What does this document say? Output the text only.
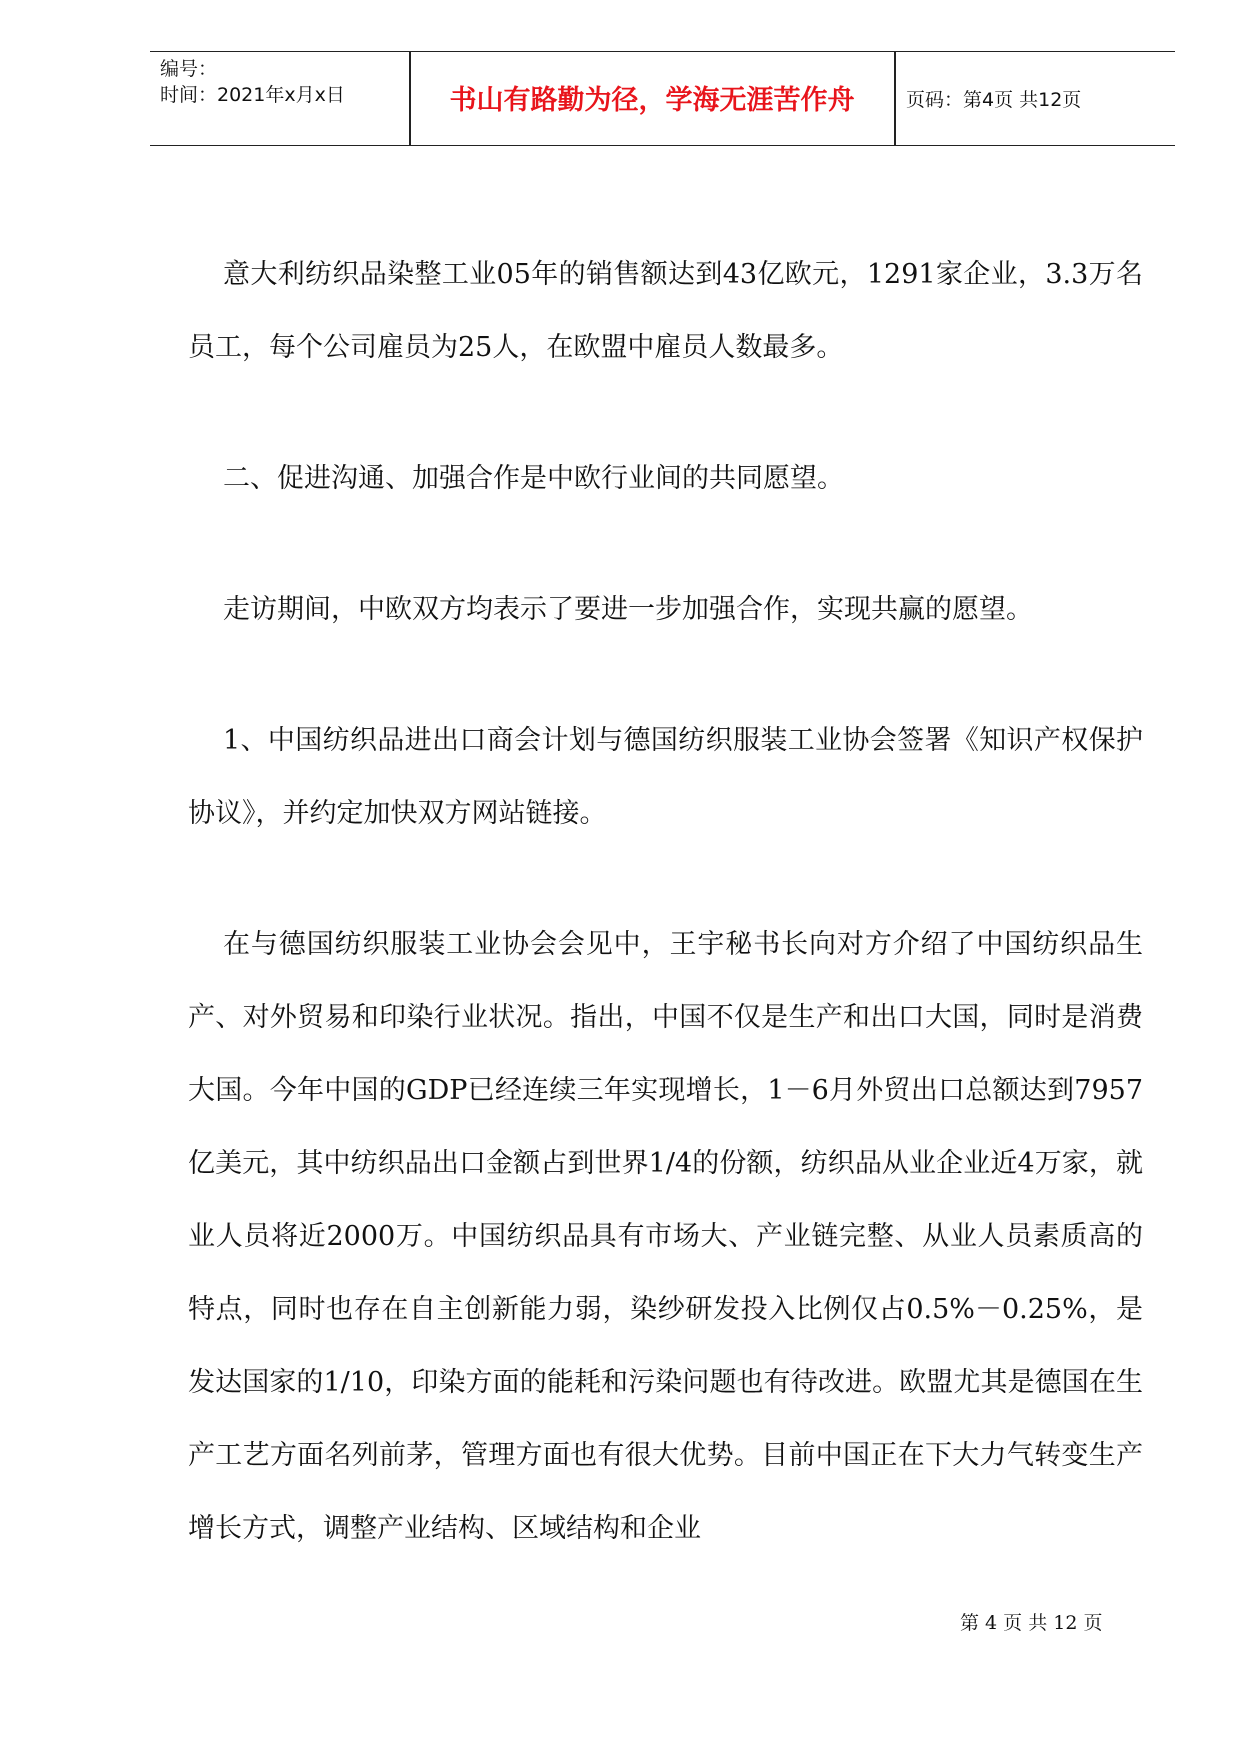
编号：
时间：2021年x月x日	书山有路勤为径，学海无涯苦作舟	页码：第4页 共12页

意大利纺织品染整工业05年的销售额达到43亿欧元，1291家企业，3.3万名员工，每个公司雇员为25人，在欧盟中雇员人数最多。

二、促进沟通、加强合作是中欧行业间的共同愿望。

走访期间，中欧双方均表示了要进一步加强合作，实现共赢的愿望。

1、中国纺织品进出口商会计划与德国纺织服装工业协会签署《知识产权保护协议》，并约定加快双方网站链接。

在与德国纺织服装工业协会会见中，王宇秘书长向对方介绍了中国纺织品生产、对外贸易和印染行业状况。指出，中国不仅是生产和出口大国，同时是消费大国。今年中国的GDP已经连续三年实现增长，1－6月外贸出口总额达到7957亿美元，其中纺织品出口金额占到世界1/4的份额，纺织品从业企业近4万家，就业人员将近2000万。中国纺织品具有市场大、产业链完整、从业人员素质高的特点，同时也存在自主创新能力弱，染纱研发投入比例仅占0.5%－0.25%，是发达国家的1/10，印染方面的能耗和污染问题也有待改进。欧盟尤其是德国在生产工艺方面名列前茅，管理方面也有很大优势。目前中国正在下大力气转变生产增长方式，调整产业结构、区域结构和企业

第 4 页 共 12 页
